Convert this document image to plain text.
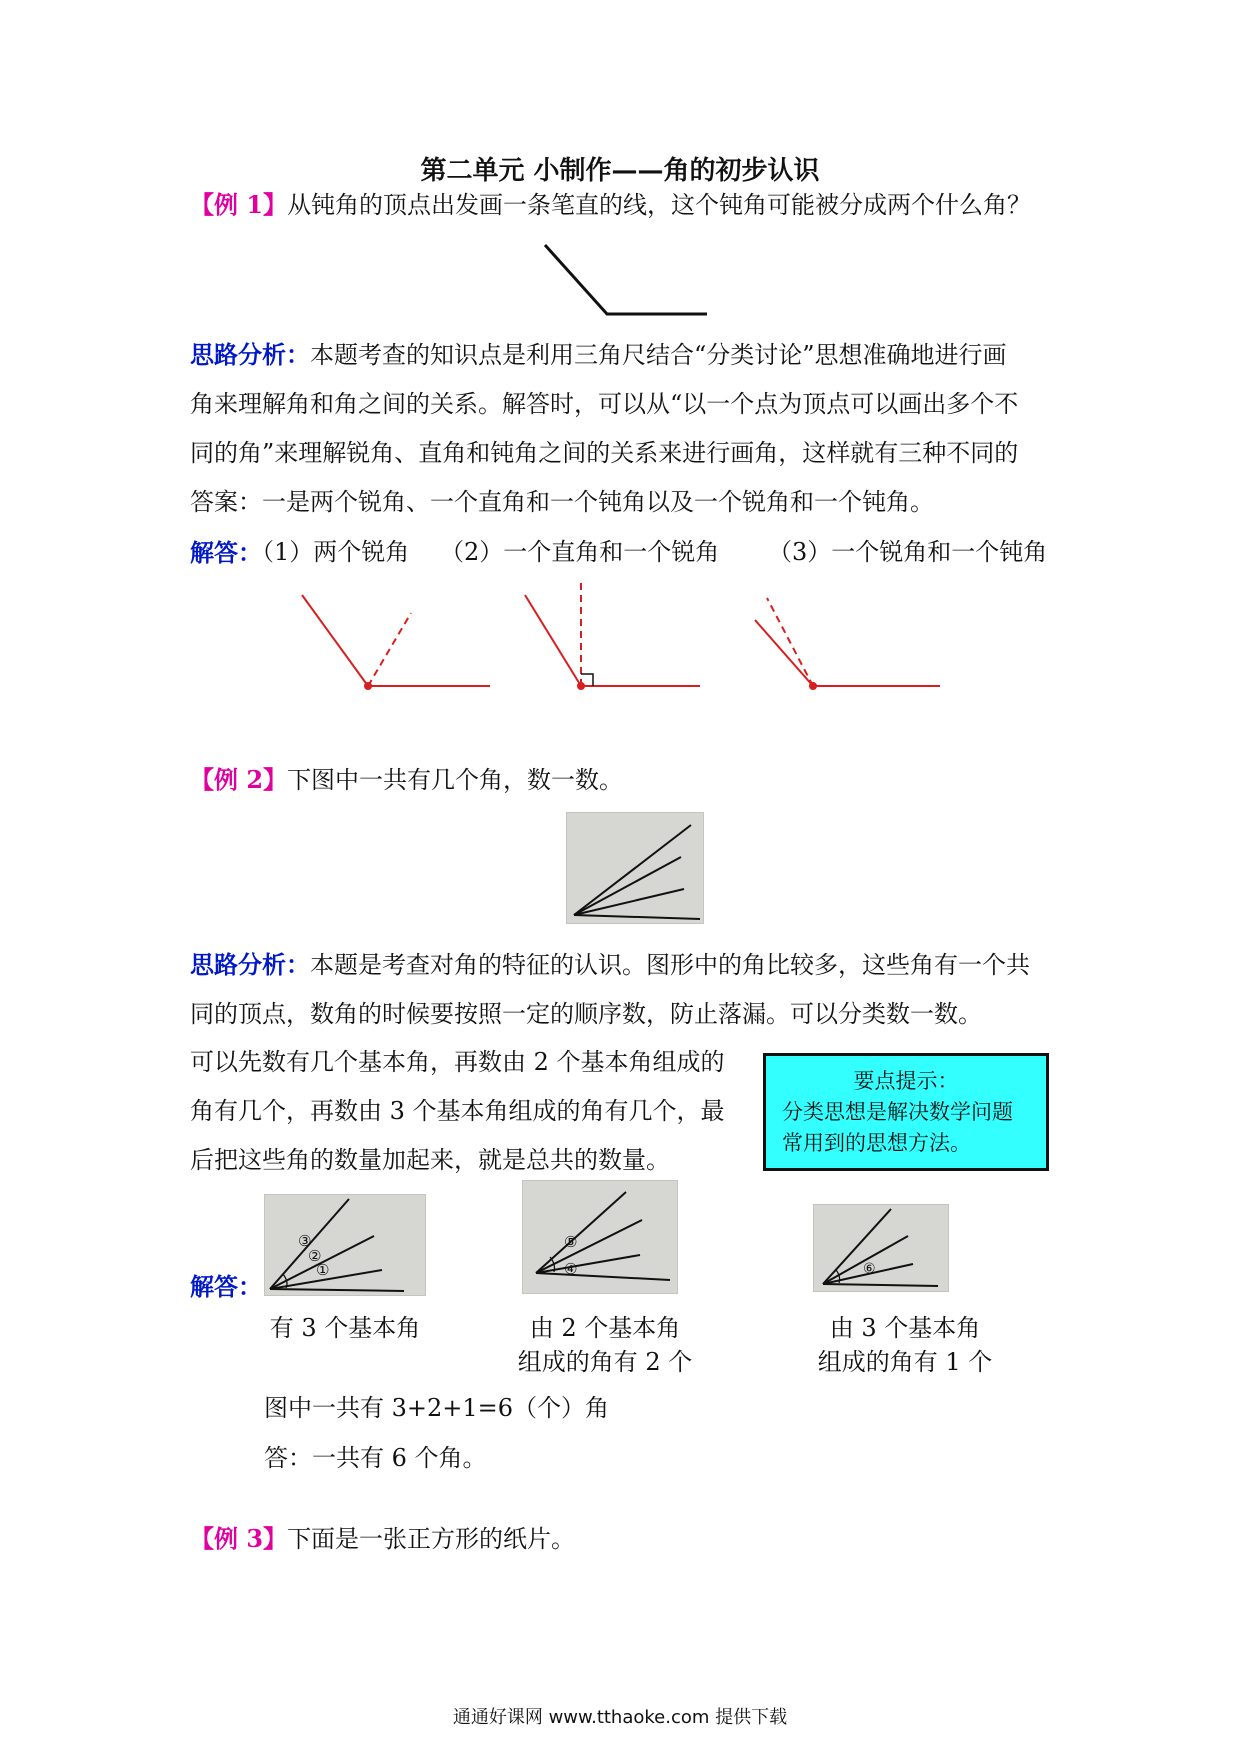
第二单元 小制作——角的初步认识
【例 1】从钝角的顶点出发画一条笔直的线，这个钝角可能被分成两个什么角？
思路分析：本题考查的知识点是利用三角尺结合“分类讨论”思想准确地进行画
角来理解角和角之间的关系。解答时，可以从“以一个点为顶点可以画出多个不
同的角”来理解锐角、直角和钝角之间的关系来进行画角，这样就有三种不同的
答案：一是两个锐角、一个直角和一个钝角以及一个锐角和一个钝角。
解答：
（1）两个锐角 （2）一个直角和一个锐角 （3）一个锐角和一个钝角
【例 2】下图中一共有几个角，数一数。
思路分析：本题是考查对角的特征的认识。图形中的角比较多，这些角有一个共
同的顶点，数角的时候要按照一定的顺序数，防止落漏。可以分类数一数。
可以先数有几个基本角，再数由 2 个基本角组成的
角有几个，再数由 3 个基本角组成的角有几个，最
后把这些角的数量加起来，就是总共的数量。
要点提示：
分类思想是解决数学问题
常用到的思想方法。
解答：
①
②
③
④
⑤
⑥
有 3 个基本角	由 2 个基本角
组成的角有 2 个
由 3 个基本角
组成的角有 1 个
图中一共有 3+2+1=6（个）角
答：一共有 6 个角。
【例 3】下面是一张正方形的纸片。
通通好课网 www.tthaoke.com 提供下载
